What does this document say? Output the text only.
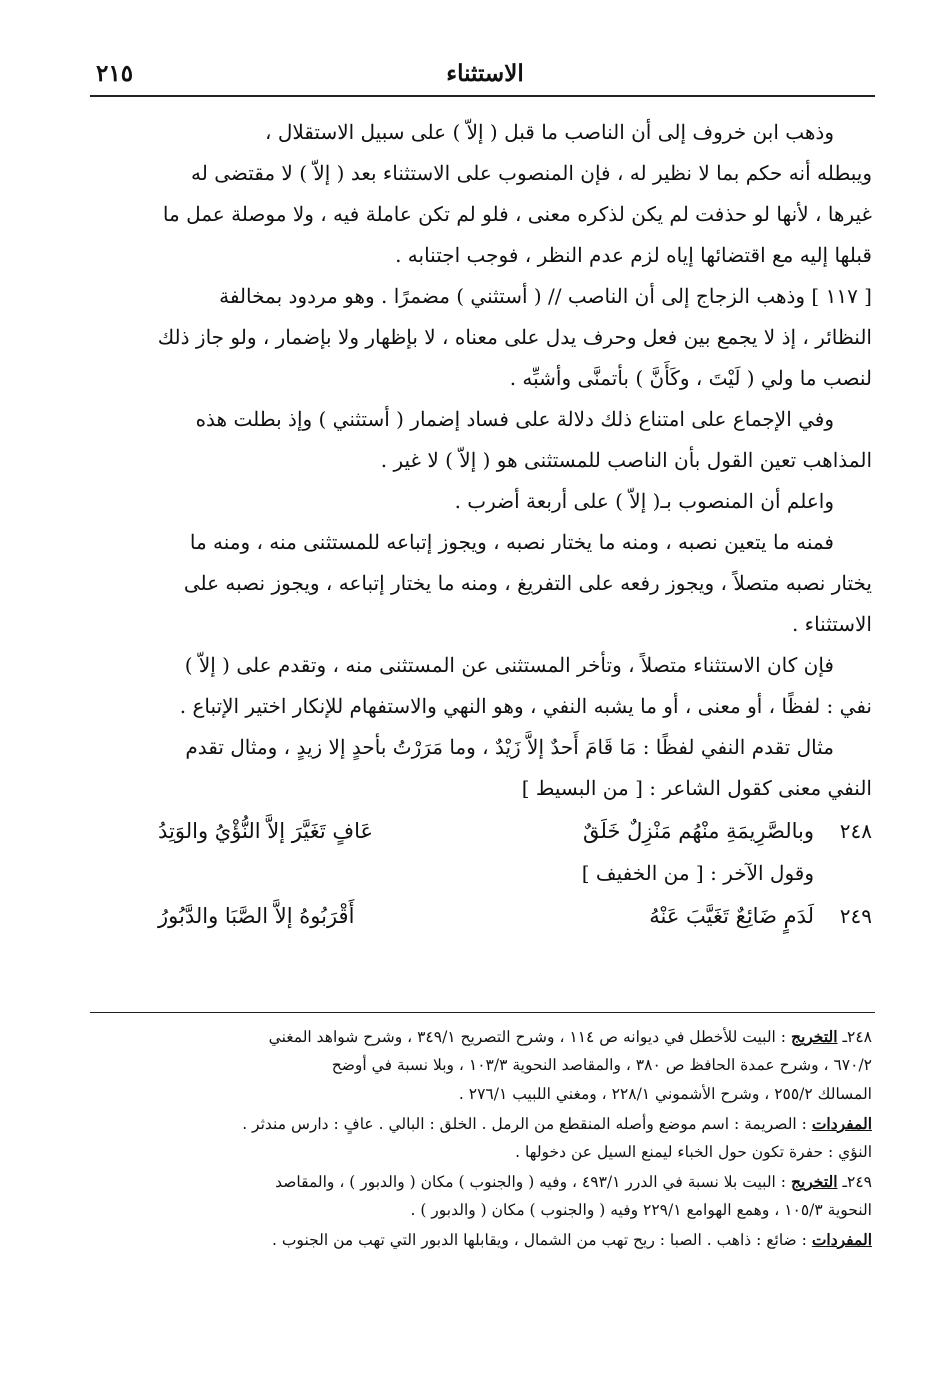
الاستثناء
٢١٥
وذهب ابن خروف إلى أن الناصب ما قبل ( إلاّ ) على سبيل الاستقلال ،
ويبطله أنه حكم بما لا نظير له ، فإن المنصوب على الاستثناء بعد ( إلاّ ) لا مقتضى له
غيرها ، لأنها لو حذفت لم يكن لذكره معنى ، فلو لم تكن عاملة فيه ، ولا موصلة عمل ما
قبلها إليه مع اقتضائها إياه لزم عدم النظر ، فوجب اجتنابه .
[ ١١٧ ] وذهب الزجاج إلى أن الناصب // ( أستثني ) مضمرًا . وهو مردود بمخالفة
النظائر ، إذ لا يجمع بين فعل وحرف يدل على معناه ، لا بإظهار ولا بإضمار ، ولو جاز ذلك
لنصب ما ولي ( لَيْتَ ، وكَأَنَّ ) بأتمنَّى وأشبِّه .
وفي الإجماع على امتناع ذلك دلالة على فساد إضمار ( أستثني ) وإذ بطلت هذه
المذاهب تعين القول بأن الناصب للمستثنى هو ( إلاّ ) لا غير .
واعلم أن المنصوب بـ( إلاّ ) على أربعة أضرب .
فمنه ما يتعين نصبه ، ومنه ما يختار نصبه ، ويجوز إتباعه للمستثنى منه ، ومنه ما
يختار نصبه متصلاً ، ويجوز رفعه على التفريغ ، ومنه ما يختار إتباعه ، ويجوز نصبه على
الاستثناء .
فإن كان الاستثناء متصلاً ، وتأخر المستثنى عن المستثنى منه ، وتقدم على ( إلاّ )
نفي : لفظًا ، أو معنى ، أو ما يشبه النفي ، وهو النهي والاستفهام للإنكار اختير الإتباع .
مثال تقدم النفي لفظًا : مَا قَامَ أَحدٌ إلاَّ زَيْدٌ ، وما مَرَرْتُ بأحدٍ إلا زيدٍ ، ومثال تقدم
النفي معنى كقول الشاعر : [ من البسيط ]
٢٤٨
وبالصَّرِيمَةِ منْهُم مَنْزِلٌ خَلَقٌ
عَافٍ تَغَيَّرَ إلاَّ النُّؤْيُ والوَتِدُ
وقول الآخر : [ من الخفيف ]
٢٤٩
لَدَمٍ ضَائِعٌ تَغَيَّبَ عَنْهُ
أَقْرَبُوهُ إلاَّ الصَّبَا والدَّبُورُ
٢٤٨ـ التخريج : البيت للأخطل في ديوانه ص ١١٤ ، وشرح التصريح ٣٤٩/١ ، وشرح شواهد المغني
٦٧٠/٢ ، وشرح عمدة الحافظ ص ٣٨٠ ، والمقاصد النحوية ١٠٣/٣ ، وبلا نسبة في أوضح
المسالك ٢٥٥/٢ ، وشرح الأشموني ٢٢٨/١ ، ومغني اللبيب ٢٧٦/١ .
المفردات : الصريمة : اسم موضع وأصله المنقطع من الرمل . الخلق : البالي . عافٍ : دارس مندثر .
النؤي : حفرة تكون حول الخباء ليمنع السيل عن دخولها .
٢٤٩ـ التخريج : البيت بلا نسبة في الدرر ٤٩٣/١ ، وفيه ( والجنوب ) مكان ( والدبور ) ، والمقاصد
النحوية ١٠٥/٣ ، وهمع الهوامع ٢٢٩/١ وفيه ( والجنوب ) مكان ( والدبور ) .
المفردات : ضائع : ذاهب . الصبا : ريح تهب من الشمال ، ويقابلها الدبور التي تهب من الجنوب .
